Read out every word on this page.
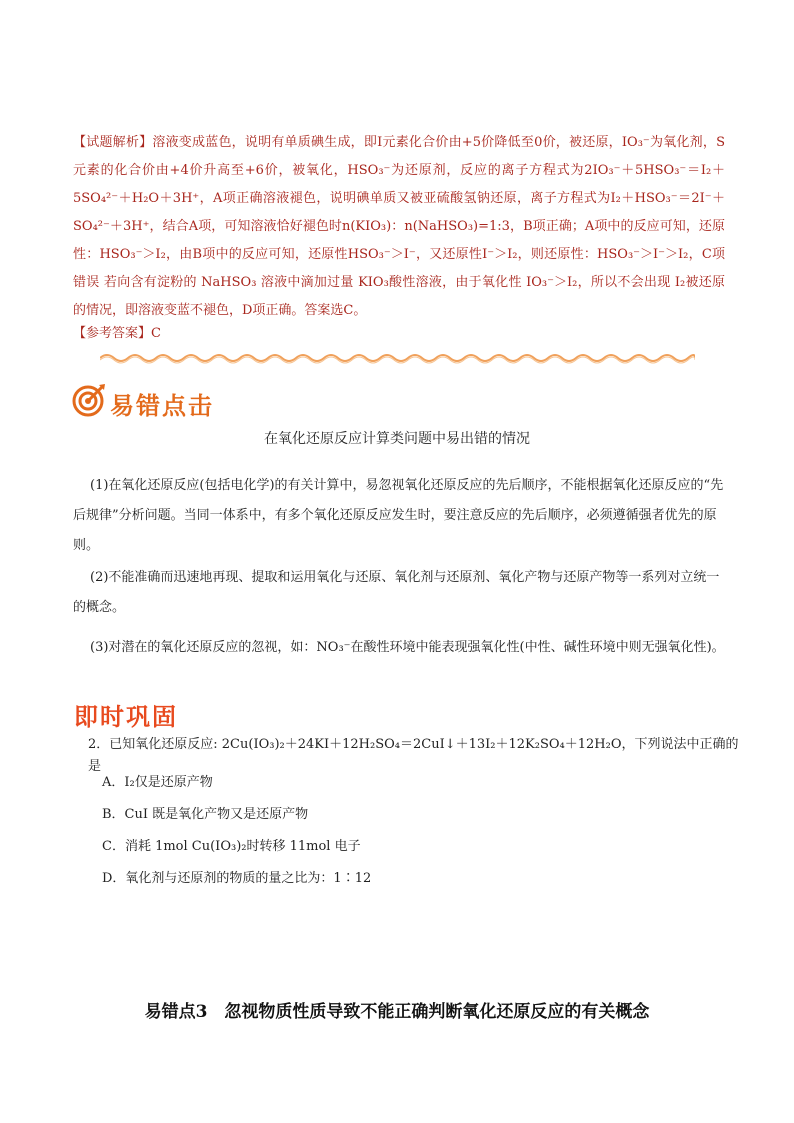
【试题解析】溶液变成蓝色，说明有单质碘生成，即I元素化合价由+5价降低至0价，被还原，IO₃⁻为氧化剂，S元素的化合价由+4价升高至+6价，被氧化，HSO₃⁻为还原剂，反应的离子方程式为2IO₃⁻＋5HSO₃⁻＝I₂＋5SO₄²⁻＋H₂O＋3H⁺，A项正确溶液褪色，说明碘单质又被亚硫酸氢钠还原，离子方程式为I₂＋HSO₃⁻＝2I⁻＋SO₄²⁻＋3H⁺，结合A项，可知溶液恰好褪色时n(KIO₃)：n(NaHSO₃)=1:3，B项正确；A项中的反应可知，还原性：HSO₃⁻＞I₂，由B项中的反应可知，还原性HSO₃⁻＞I⁻，又还原性I⁻＞I₂，则还原性：HSO₃⁻＞I⁻＞I₂，C项错误 若向含有淀粉的 NaHSO₃ 溶液中滴加过量 KIO₃酸性溶液，由于氧化性 IO₃⁻＞I₂，所以不会出现 I₂被还原的情况，即溶液变蓝不褪色，D项正确。答案选C。

【参考答案】C

易错点击
在氧化还原反应计算类问题中易出错的情况

(1)在氧化还原反应(包括电化学)的有关计算中，易忽视氧化还原反应的先后顺序，不能根据氧化还原反应的“先后规律”分析问题。当同一体系中，有多个氧化还原反应发生时，要注意反应的先后顺序，必须遵循强者优先的原则。

(2)不能准确而迅速地再现、提取和运用氧化与还原、氧化剂与还原剂、氧化产物与还原产物等一系列对立统一的概念。

(3)对潜在的氧化还原反应的忽视，如：NO₃⁻在酸性环境中能表现强氧化性(中性、碱性环境中则无强氧化性)。

即时巩固
2．已知氧化还原反应: 2Cu(IO₃)₂＋24KI＋12H₂SO₄＝2CuI↓＋13I₂＋12K₂SO₄＋12H₂O，下列说法中正确的是
A．I₂仅是还原产物
B．CuI 既是氧化产物又是还原产物
C．消耗 1mol Cu(IO₃)₂时转移 11mol 电子
D．氧化剂与还原剂的物质的量之比为：1∶12
易错点3　忽视物质性质导致不能正确判断氧化还原反应的有关概念
